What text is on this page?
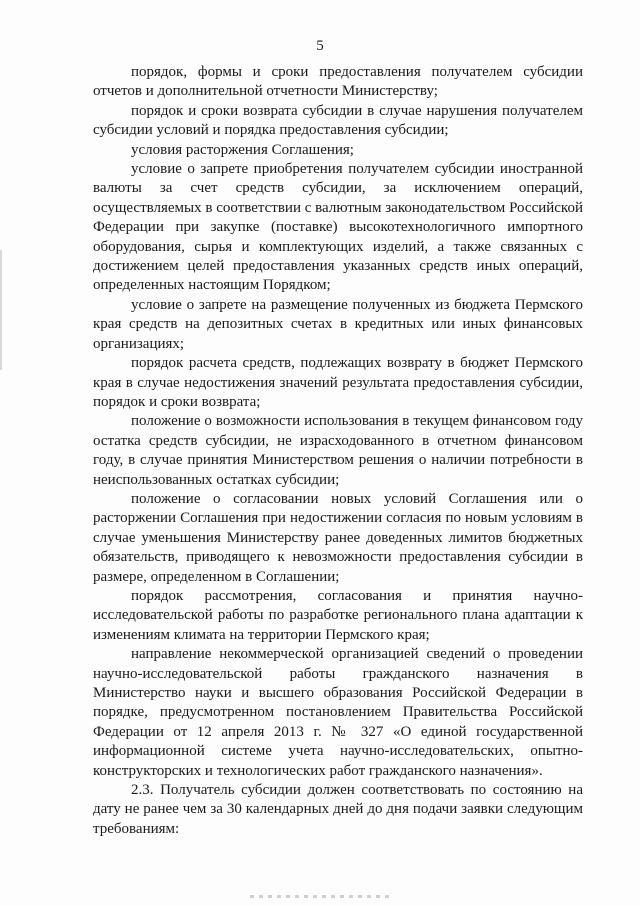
5

порядок, формы и сроки предоставления получателем субсидии отчетов и дополнительной отчетности Министерству;

порядок и сроки возврата субсидии в случае нарушения получателем субсидии условий и порядка предоставления субсидии;

условия расторжения Соглашения;

условие о запрете приобретения получателем субсидии иностранной валюты за счет средств субсидии, за исключением операций, осуществляемых в соответствии с валютным законодательством Российской Федерации при закупке (поставке) высокотехнологичного импортного оборудования, сырья и комплектующих изделий, а также связанных с достижением целей предоставления указанных средств иных операций, определенных настоящим Порядком;

условие о запрете на размещение полученных из бюджета Пермского края средств на депозитных счетах в кредитных или иных финансовых организациях;

порядок расчета средств, подлежащих возврату в бюджет Пермского края в случае недостижения значений результата предоставления субсидии, порядок и сроки возврата;

положение о возможности использования в текущем финансовом году остатка средств субсидии, не израсходованного в отчетном финансовом году, в случае принятия Министерством решения о наличии потребности в неиспользованных остатках субсидии;

положение о согласовании новых условий Соглашения или о расторжении Соглашения при недостижении согласия по новым условиям в случае уменьшения Министерству ранее доведенных лимитов бюджетных обязательств, приводящего к невозможности предоставления субсидии в размере, определенном в Соглашении;

порядок рассмотрения, согласования и принятия научно-исследовательской работы по разработке регионального плана адаптации к изменениям климата на территории Пермского края;

направление некоммерческой организацией сведений о проведении научно-исследовательской работы гражданского назначения в Министерство науки и высшего образования Российской Федерации в порядке, предусмотренном постановлением Правительства Российской Федерации от 12 апреля 2013 г. № 327 «О единой государственной информационной системе учета научно-исследовательских, опытно-конструкторских и технологических работ гражданского назначения».

2.3. Получатель субсидии должен соответствовать по состоянию на дату не ранее чем за 30 календарных дней до дня подачи заявки следующим требованиям:
